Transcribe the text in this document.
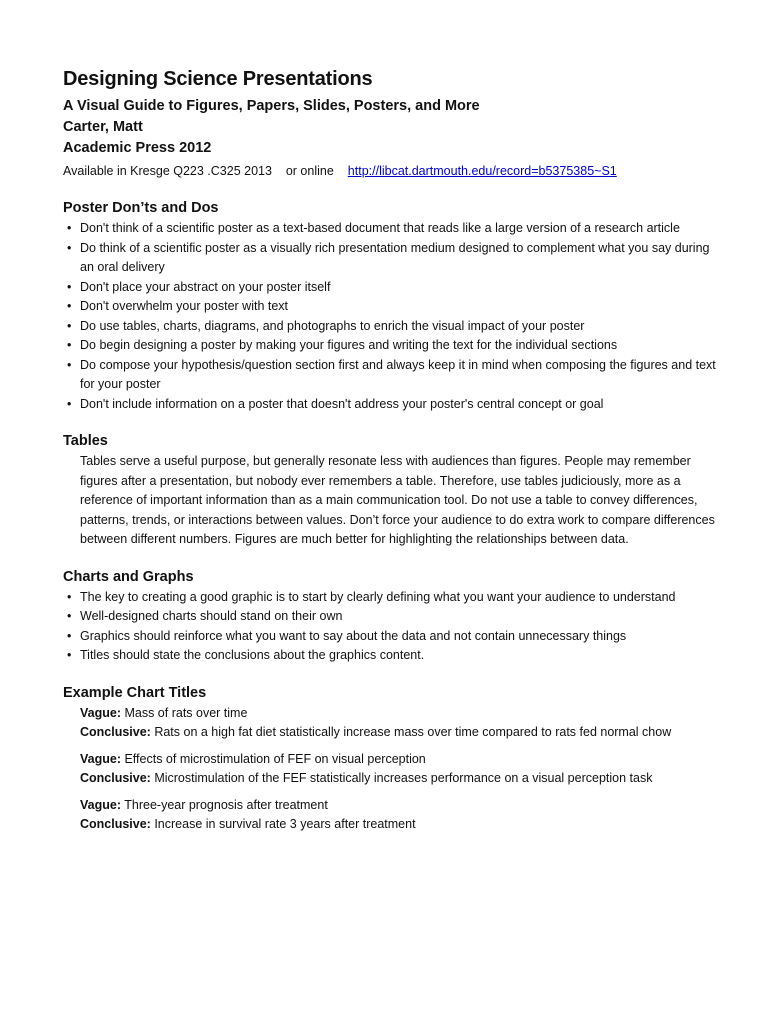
Designing Science Presentations

A Visual Guide to Figures, Papers, Slides, Posters, and More

Carter, Matt

Academic Press 2012

Available in Kresge Q223 .C325 2013    or online http://libcat.dartmouth.edu/record=b5375385~S1

Poster Don’ts and Dos
• Don't think of a scientific poster as a text-based document that reads like a large version of a research article
• Do think of a scientific poster as a visually rich presentation medium designed to complement what you say during an oral delivery
• Don't place your abstract on your poster itself
• Don't overwhelm your poster with text
• Do use tables, charts, diagrams, and photographs to enrich the visual impact of your poster
• Do begin designing a poster by making your figures and writing the text for the individual sections
• Do compose your hypothesis/question section first and always keep it in mind when composing the figures and text for your poster
• Don't include information on a poster that doesn't address your poster's central concept or goal
Tables

Tables serve a useful purpose, but generally resonate less with audiences than figures. People may remember figures after a presentation, but nobody ever remembers a table. Therefore, use tables judiciously, more as a reference of important information than as a main communication tool. Do not use a table to convey differences, patterns, trends, or interactions between values. Don’t force your audience to do extra work to compare differences between different numbers. Figures are much better for highlighting the relationships between data.

Charts and Graphs
• The key to creating a good graphic is to start by clearly defining what you want your audience to understand
• Well-designed charts should stand on their own
• Graphics should reinforce what you want to say about the data and not contain unnecessary things
• Titles should state the conclusions about the graphics content.
Example Chart Titles
Vague: Mass of rats over time
Conclusive: Rats on a high fat diet statistically increase mass over time compared to rats fed normal chow
Vague: Effects of microstimulation of FEF on visual perception
Conclusive: Microstimulation of the FEF statistically increases performance on a visual perception task
Vague: Three-year prognosis after treatment
Conclusive: Increase in survival rate 3 years after treatment
